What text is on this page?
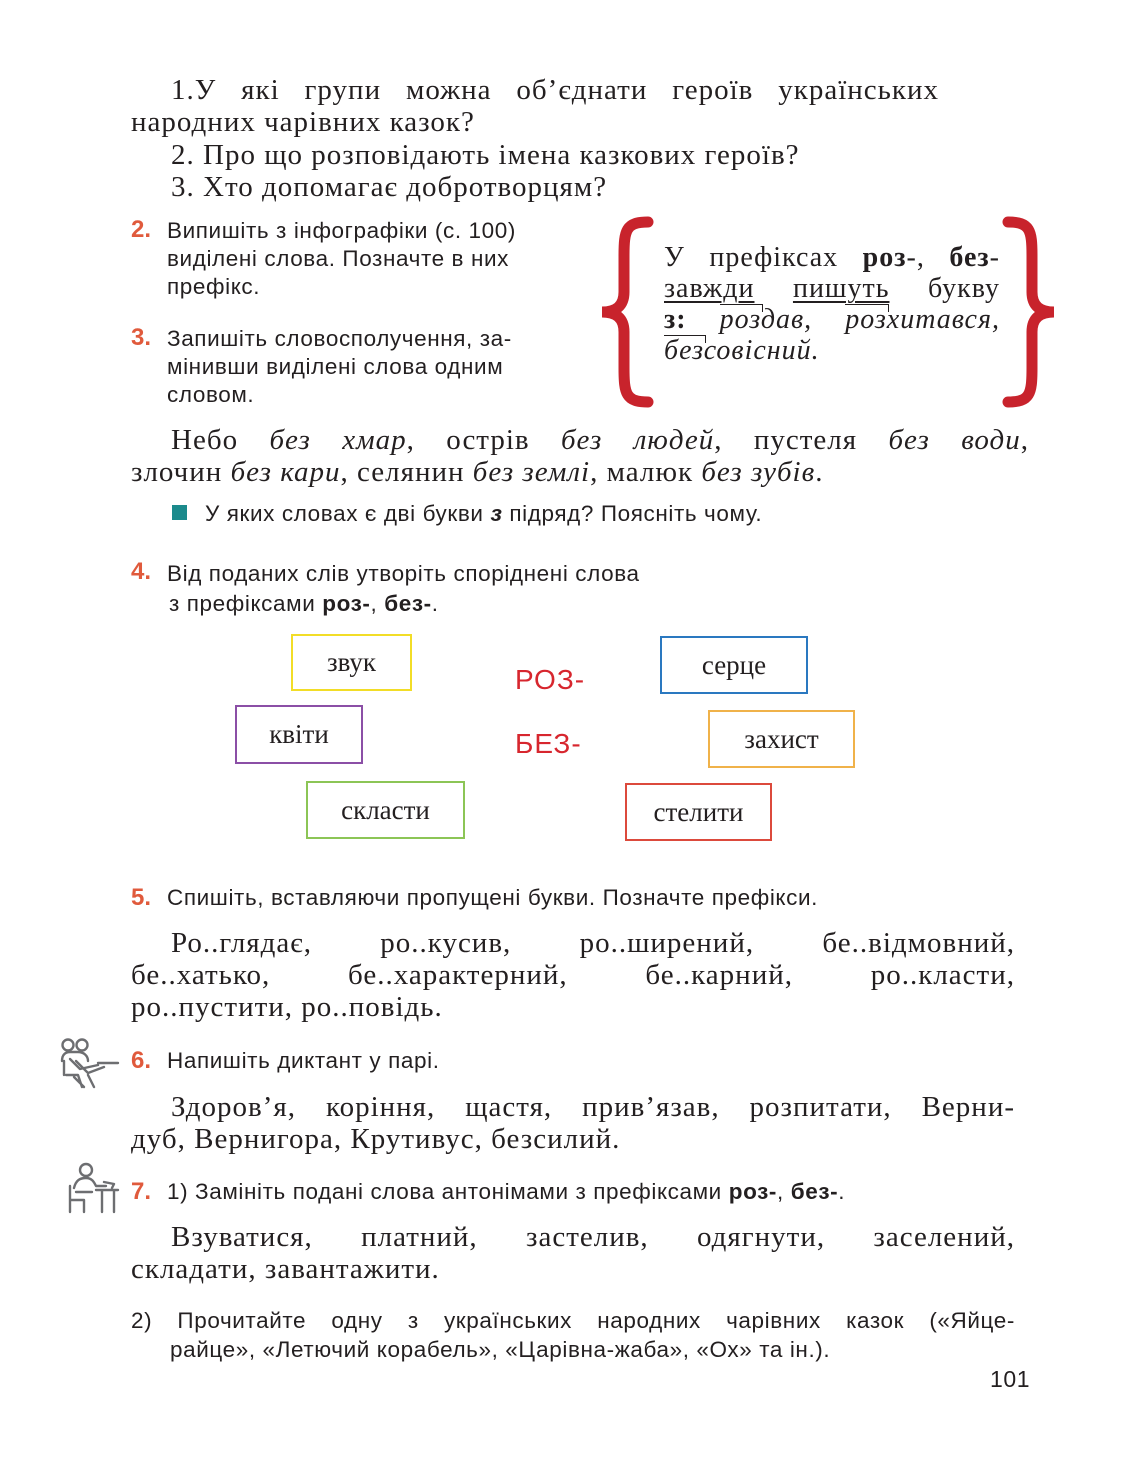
1.У які групи можна об’єднати героїв українських
народних чарівних казок?
2. Про що розповідають імена казкових героїв?
3. Хто допомагає добротворцям?
2. Випишіть з інфографіки (с. 100)
виділені слова. Позначте в них
префікс.
3. Запишіть словосполучення, за-
мінивши виділені слова одним
словом.
У префіксах роз-, без-
завжди пишуть букву
з: роздав, розхитався,
безсовісний.
Небо без хмар, острів без людей, пустеля без води,
злочин без кари, селянин без землі, малюк без зубів.
У яких словах є дві букви з підряд? Поясніть чому.
4. Від поданих слів утворіть споріднені слова
з префіксами роз-, без-.
звук
квіти
скласти
серце
захист
стелити
РОЗ-
БЕЗ-
5. Спишіть, вставляючи пропущені букви. Позначте префікси.
Ро..глядає, ро..кусив, ро..ширений, бе..відмовний,
бе..хатько, бе..характерний, бе..карний, ро..класти,
ро..пустити, ро..повідь.
6. Напишіть диктант у парі.
Здоров’я, коріння, щастя, прив’язав, розпитати, Верни-
дуб, Вернигора, Крутивус, безсилий.
7. 1) Замініть подані слова антонімами з префіксами роз-, без-.
Взуватися, платний, застелив, одягнути, заселений,
складати, завантажити.
2) Прочитайте одну з українських народних чарівних казок («Яйце-
райце», «Летючий корабель», «Царівна-жаба», «Ох» та ін.).
101
